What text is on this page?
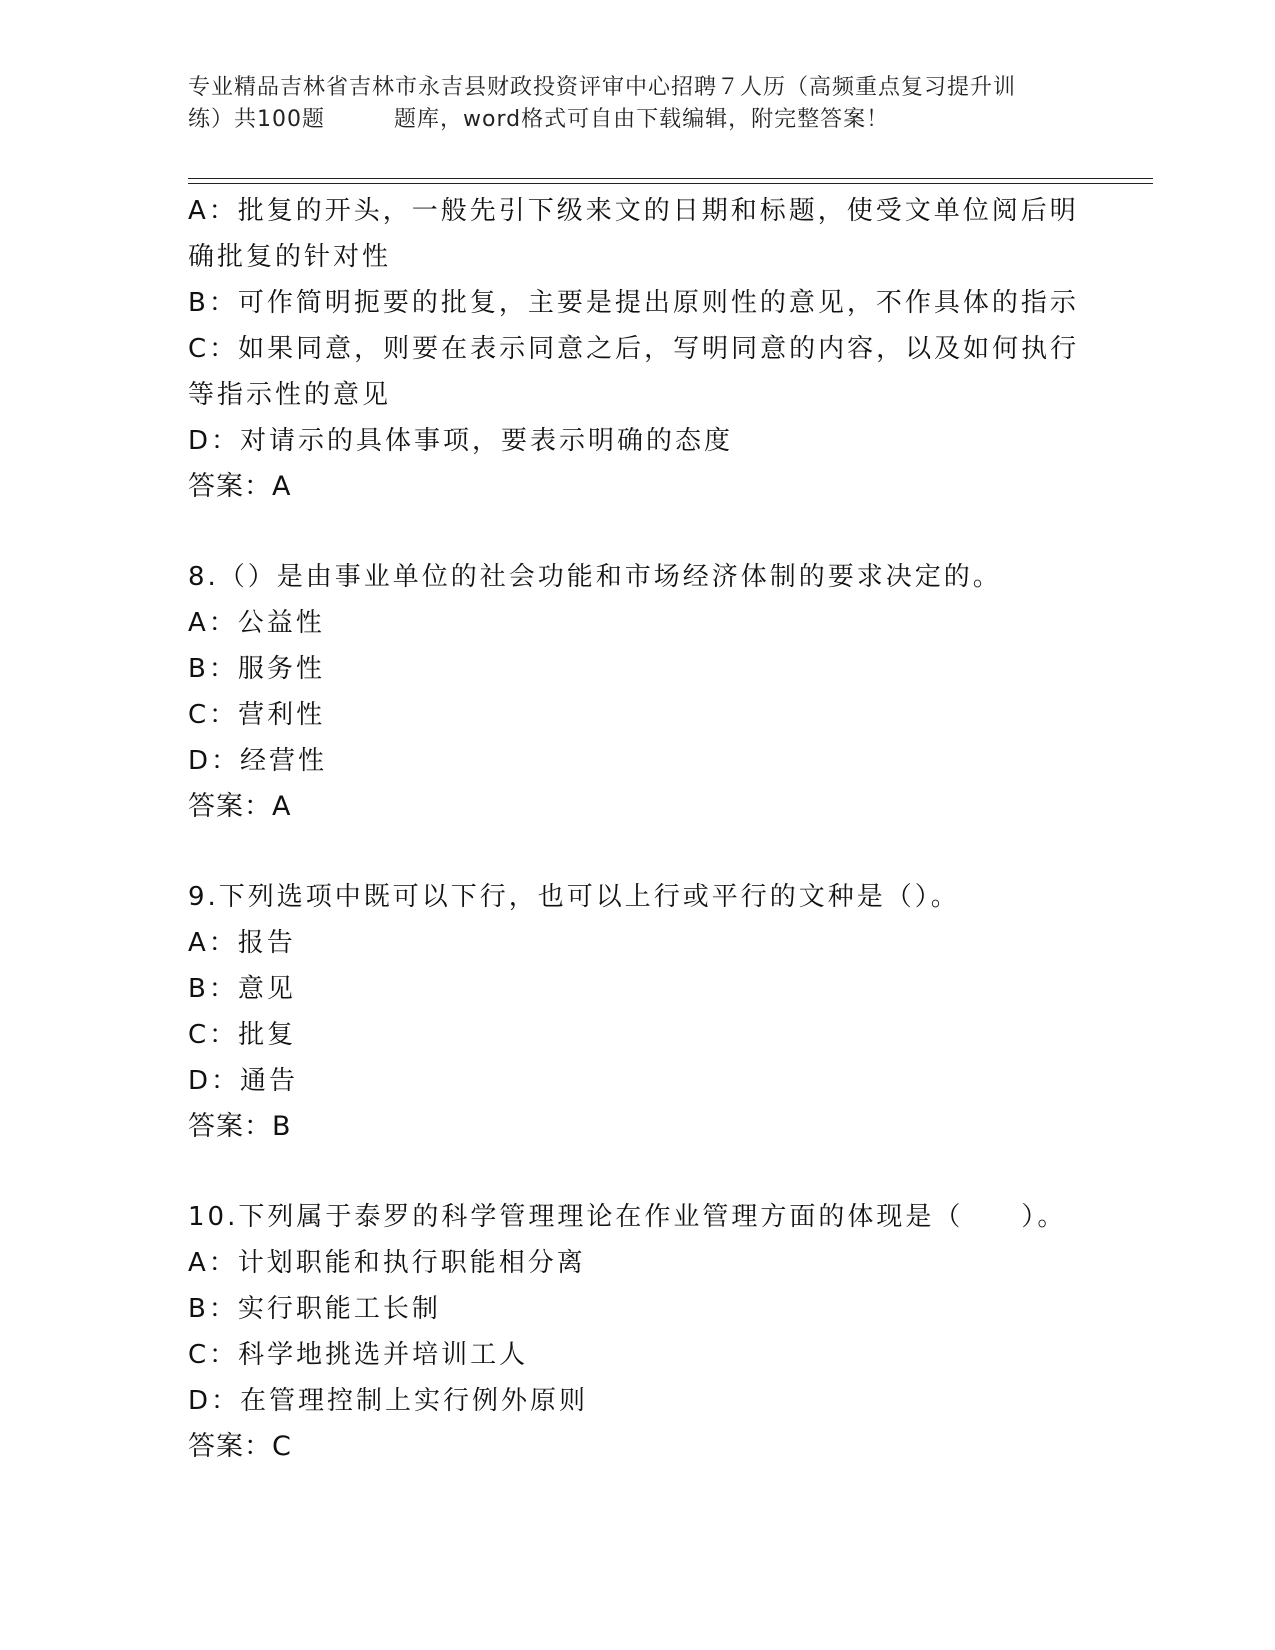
专业精品吉林省吉林市永吉县财政投资评审中心招聘７人历（高频重点复习提升训
练）共100题　　　题库，word格式可自由下载编辑，附完整答案！
A：批复的开头，一般先引下级来文的日期和标题，使受文单位阅后明
确批复的针对性
B：可作简明扼要的批复，主要是提出原则性的意见，不作具体的指示
C：如果同意，则要在表示同意之后，写明同意的内容，以及如何执行
等指示性的意见
D：对请示的具体事项，要表示明确的态度
答案：A
8.（）是由事业单位的社会功能和市场经济体制的要求决定的。
A：公益性
B：服务性
C：营利性
D：经营性
答案：A
9.下列选项中既可以下行，也可以上行或平行的文种是（）。
A：报告
B：意见
C：批复
D：通告
答案：B
10.下列属于泰罗的科学管理理论在作业管理方面的体现是（　　）。
A：计划职能和执行职能相分离
B：实行职能工长制
C：科学地挑选并培训工人
D：在管理控制上实行例外原则
答案：C
